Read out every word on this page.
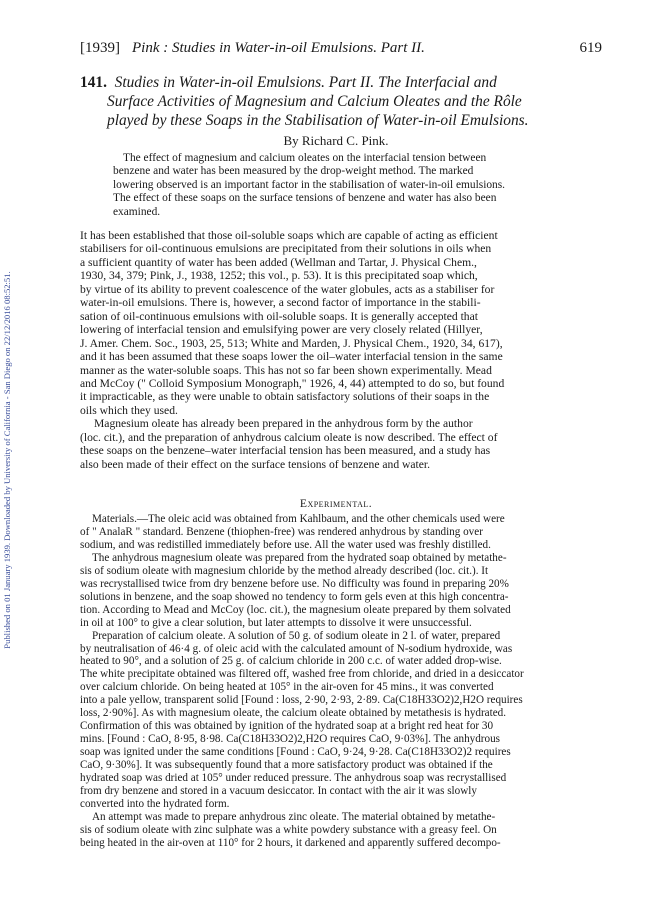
Published on 01 January 1939. Downloaded by University of California - San Diego on 22/12/2016 08:52:51.
[1939] Pink : Studies in Water-in-oil Emulsions. Part II.	619
141. Studies in Water-in-oil Emulsions. Part II. The Interfacial and
Surface Activities of Magnesium and Calcium Oleates and the Rôle
played by these Soaps in the Stabilisation of Water-in-oil Emulsions.
By Richard C. Pink.
The effect of magnesium and calcium oleates on the interfacial tension between
benzene and water has been measured by the drop-weight method. The marked
lowering observed is an important factor in the stabilisation of water-in-oil emulsions.
The effect of these soaps on the surface tensions of benzene and water has also been
examined.
It has been established that those oil-soluble soaps which are capable of acting as efficient
stabilisers for oil-continuous emulsions are precipitated from their solutions in oils when
a sufficient quantity of water has been added (Wellman and Tartar, J. Physical Chem.,
1930, 34, 379; Pink, J., 1938, 1252; this vol., p. 53). It is this precipitated soap which,
by virtue of its ability to prevent coalescence of the water globules, acts as a stabiliser for
water-in-oil emulsions. There is, however, a second factor of importance in the stabili-
sation of oil-continuous emulsions with oil-soluble soaps. It is generally accepted that
lowering of interfacial tension and emulsifying power are very closely related (Hillyer,
J. Amer. Chem. Soc., 1903, 25, 513; White and Marden, J. Physical Chem., 1920, 34, 617),
and it has been assumed that these soaps lower the oil–water interfacial tension in the same
manner as the water-soluble soaps. This has not so far been shown experimentally. Mead
and McCoy (" Colloid Symposium Monograph," 1926, 4, 44) attempted to do so, but found
it impracticable, as they were unable to obtain satisfactory solutions of their soaps in the
oils which they used.
Magnesium oleate has already been prepared in the anhydrous form by the author
(loc. cit.), and the preparation of anhydrous calcium oleate is now described. The effect of
these soaps on the benzene–water interfacial tension has been measured, and a study has
also been made of their effect on the surface tensions of benzene and water.
Experimental.
Materials.—The oleic acid was obtained from Kahlbaum, and the other chemicals used were
of " AnalaR " standard. Benzene (thiophen-free) was rendered anhydrous by standing over
sodium, and was redistilled immediately before use. All the water used was freshly distilled.
The anhydrous magnesium oleate was prepared from the hydrated soap obtained by metathe-
sis of sodium oleate with magnesium chloride by the method already described (loc. cit.). It
was recrystallised twice from dry benzene before use. No difficulty was found in preparing 20%
solutions in benzene, and the soap showed no tendency to form gels even at this high concentra-
tion. According to Mead and McCoy (loc. cit.), the magnesium oleate prepared by them solvated
in oil at 100° to give a clear solution, but later attempts to dissolve it were unsuccessful.
Preparation of calcium oleate. A solution of 50 g. of sodium oleate in 2 l. of water, prepared
by neutralisation of 46·4 g. of oleic acid with the calculated amount of N-sodium hydroxide, was
heated to 90°, and a solution of 25 g. of calcium chloride in 200 c.c. of water added drop-wise.
The white precipitate obtained was filtered off, washed free from chloride, and dried in a desiccator
over calcium chloride. On being heated at 105° in the air-oven for 45 mins., it was converted
into a pale yellow, transparent solid [Found : loss, 2·90, 2·93, 2·89. Ca(C18H33O2)2,H2O requires
loss, 2·90%]. As with magnesium oleate, the calcium oleate obtained by metathesis is hydrated.
Confirmation of this was obtained by ignition of the hydrated soap at a bright red heat for 30
mins. [Found : CaO, 8·95, 8·98. Ca(C18H33O2)2,H2O requires CaO, 9·03%]. The anhydrous
soap was ignited under the same conditions [Found : CaO, 9·24, 9·28. Ca(C18H33O2)2 requires
CaO, 9·30%]. It was subsequently found that a more satisfactory product was obtained if the
hydrated soap was dried at 105° under reduced pressure. The anhydrous soap was recrystallised
from dry benzene and stored in a vacuum desiccator. In contact with the air it was slowly
converted into the hydrated form.
An attempt was made to prepare anhydrous zinc oleate. The material obtained by metathe-
sis of sodium oleate with zinc sulphate was a white powdery substance with a greasy feel. On
being heated in the air-oven at 110° for 2 hours, it darkened and apparently suffered decompo-
